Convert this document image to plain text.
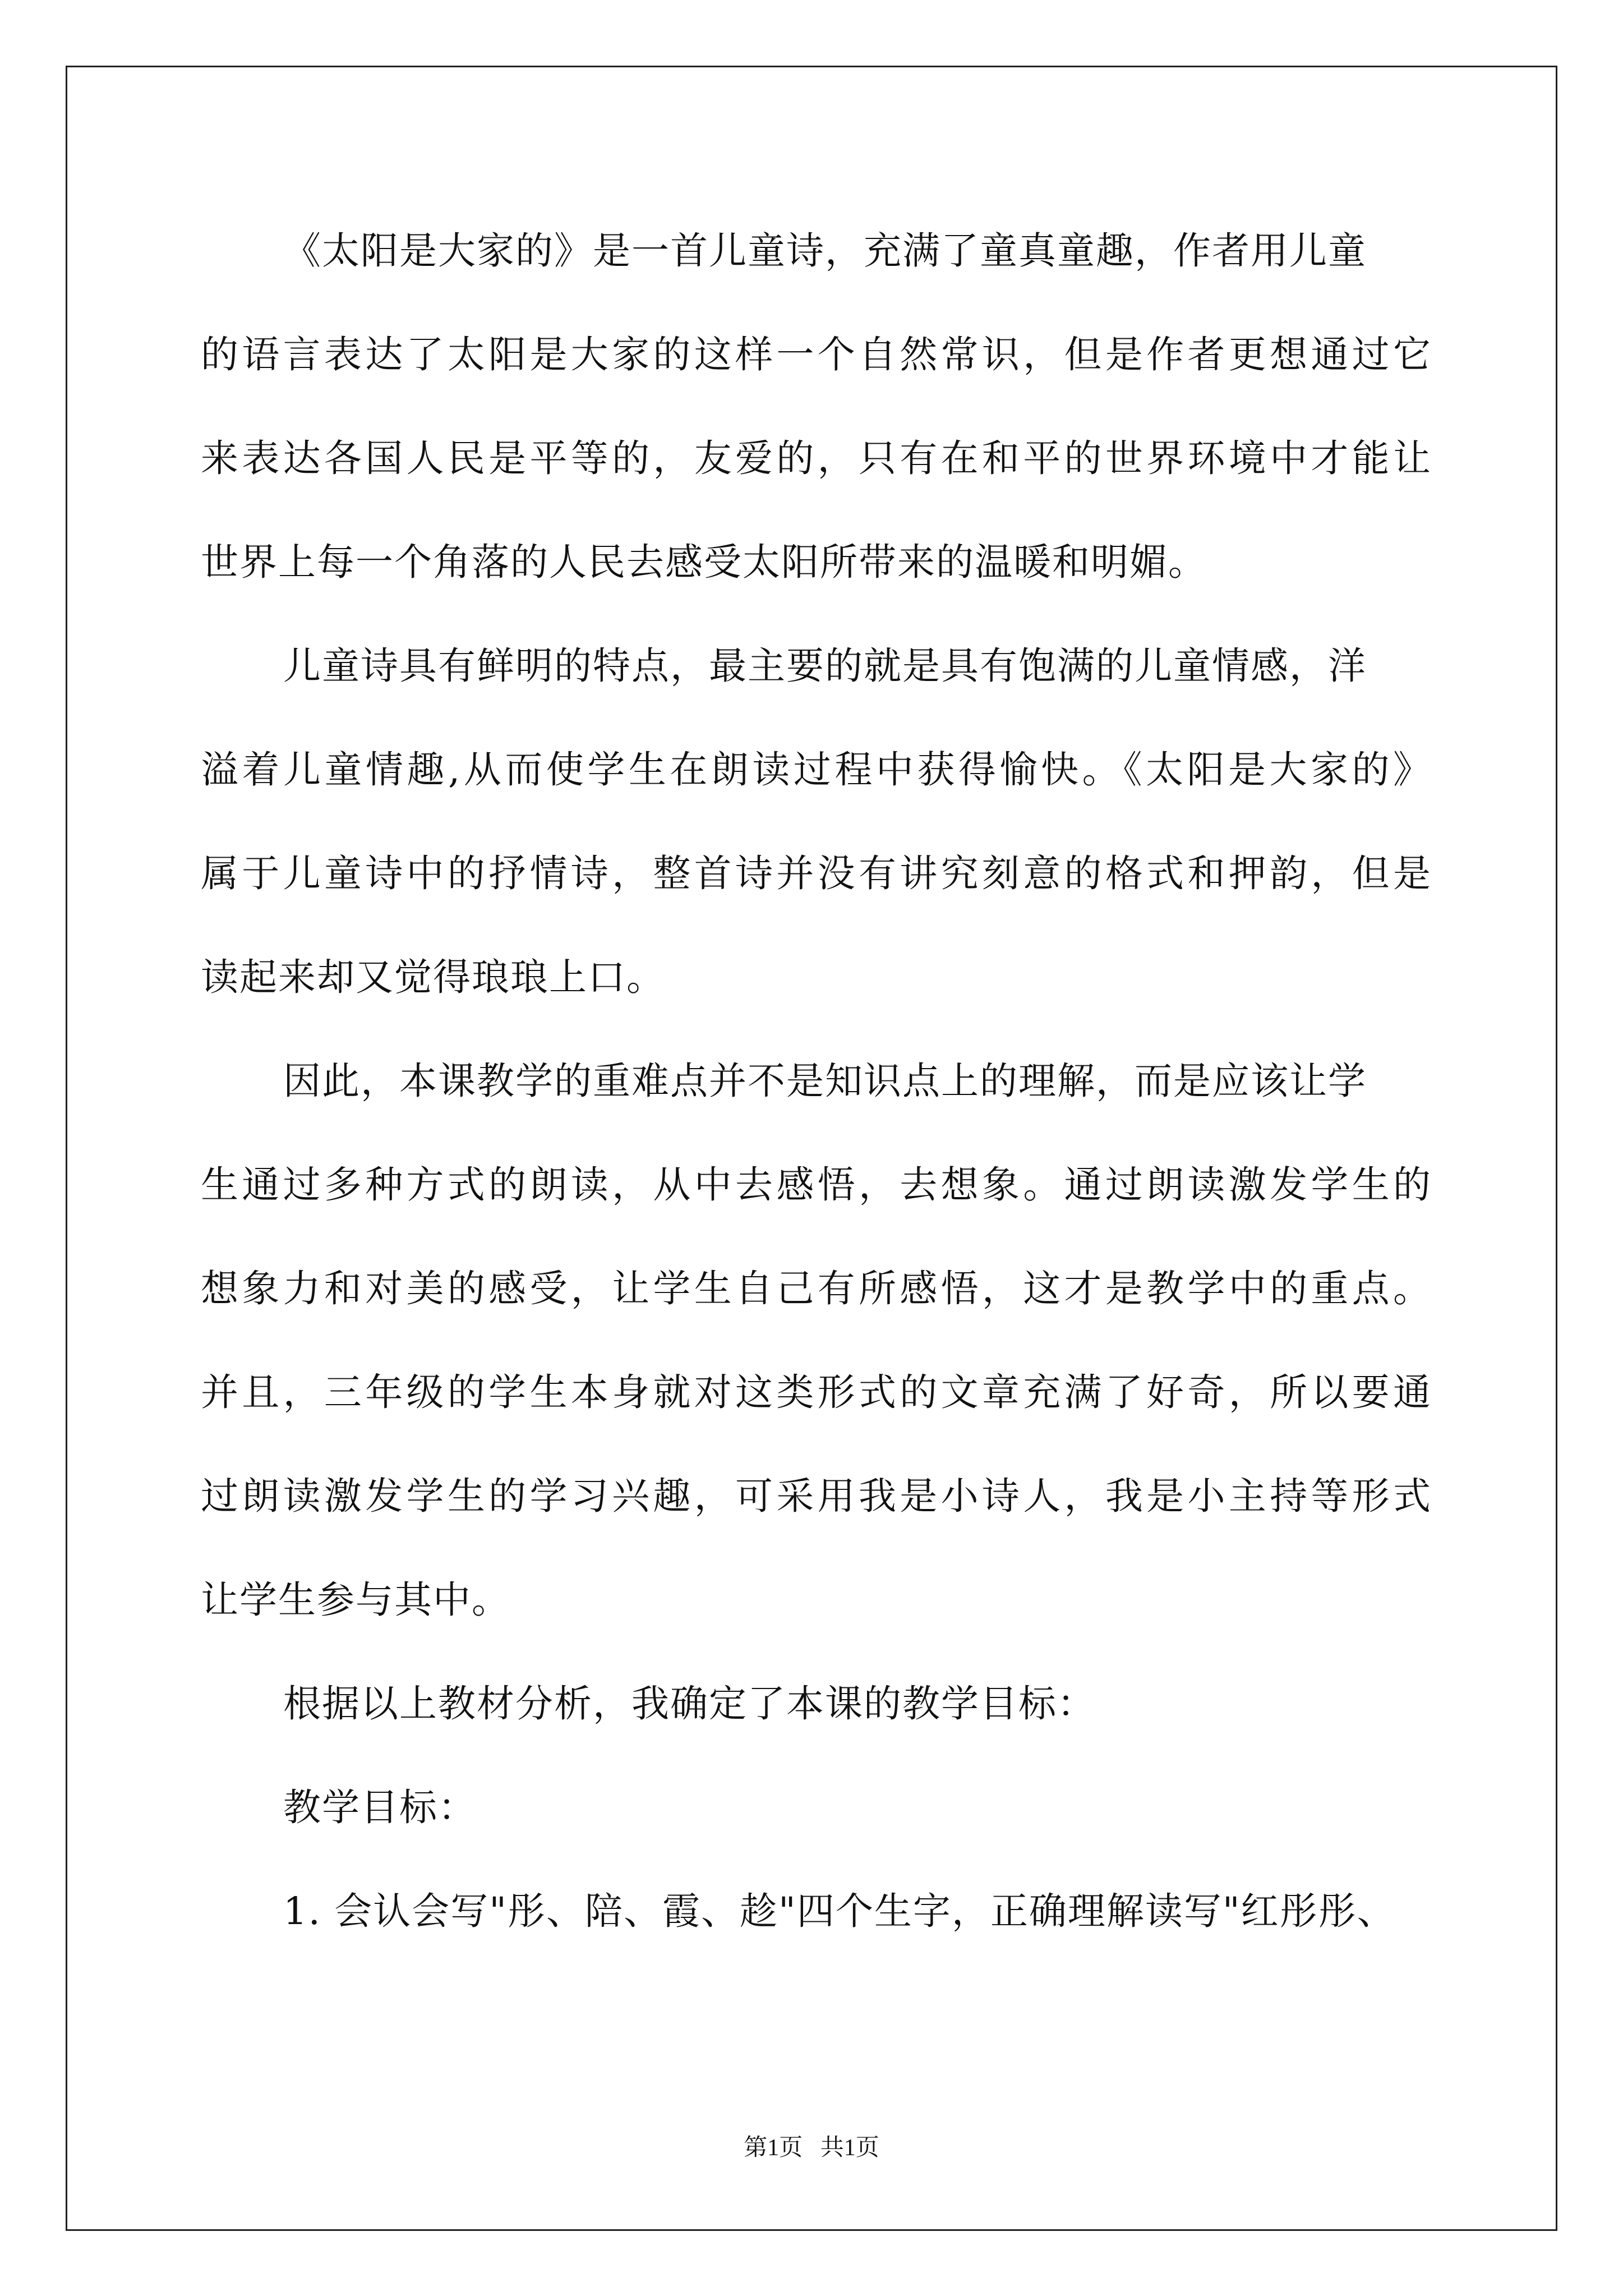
《太阳是大家的》是一首儿童诗，充满了童真童趣，作者用儿童
的语言表达了太阳是大家的这样一个自然常识，但是作者更想通过它
来表达各国人民是平等的，友爱的，只有在和平的世界环境中才能让
世界上每一个角落的人民去感受太阳所带来的温暖和明媚。
儿童诗具有鲜明的特点，最主要的就是具有饱满的儿童情感，洋
溢着儿童情趣,从而使学生在朗读过程中获得愉快。《太阳是大家的》
属于儿童诗中的抒情诗，整首诗并没有讲究刻意的格式和押韵，但是
读起来却又觉得琅琅上口。
因此，本课教学的重难点并不是知识点上的理解，而是应该让学
生通过多种方式的朗读，从中去感悟，去想象。通过朗读激发学生的
想象力和对美的感受，让学生自己有所感悟，这才是教学中的重点。
并且，三年级的学生本身就对这类形式的文章充满了好奇，所以要通
过朗读激发学生的学习兴趣，可采用我是小诗人，我是小主持等形式
让学生参与其中。
根据以上教材分析，我确定了本课的教学目标：
教学目标：
1. 会认会写"彤、陪、霞、趁"四个生字，正确理解读写"红彤彤、
第1页   共1页
